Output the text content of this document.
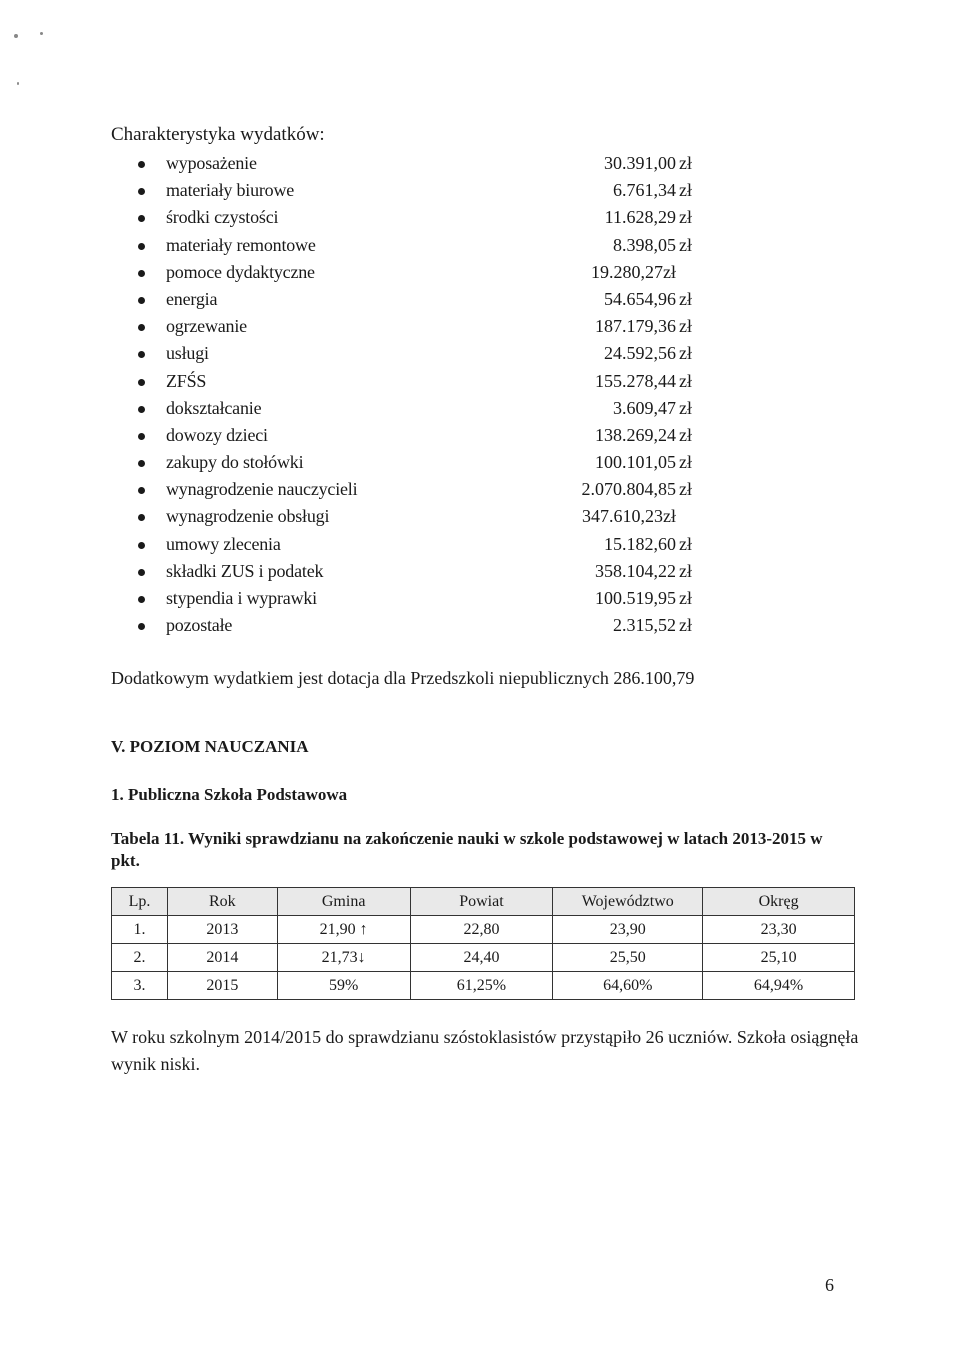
Charakterystyka wydatków:
wyposażenie	30.391,00 zł
materiały biurowe	6.761,34 zł
środki czystości	11.628,29 zł
materiały remontowe	8.398,05 zł
pomoce dydaktyczne	19.280,27zł
energia	54.654,96 zł
ogrzewanie	187.179,36 zł
usługi	24.592,56 zł
ZFŚS	155.278,44 zł
dokształcanie	3.609,47 zł
dowozy dzieci	138.269,24 zł
zakupy do stołówki	100.101,05 zł
wynagrodzenie nauczycieli	2.070.804,85 zł
wynagrodzenie obsługi	347.610,23zł
umowy zlecenia	15.182,60 zł
składki ZUS i podatek	358.104,22 zł
stypendia i wyprawki	100.519,95 zł
pozostałe	2.315,52 zł
Dodatkowym wydatkiem jest dotacja dla Przedszkoli niepublicznych 286.100,79
V. POZIOM NAUCZANIA
1. Publiczna Szkoła Podstawowa
Tabela 11. Wyniki sprawdzianu na zakończenie nauki w szkole podstawowej w latach 2013-2015 w pkt.
Lp.	Rok	Gmina	Powiat	Województwo	Okręg
1.	2013	21,90 ↑	22,80	23,90	23,30
2.	2014	21,73↓	24,40	25,50	25,10
3.	2015	59%	61,25%	64,60%	64,94%
W roku szkolnym 2014/2015 do sprawdzianu szóstoklasistów przystąpiło 26 uczniów. Szkoła osiągnęła wynik niski.
6
